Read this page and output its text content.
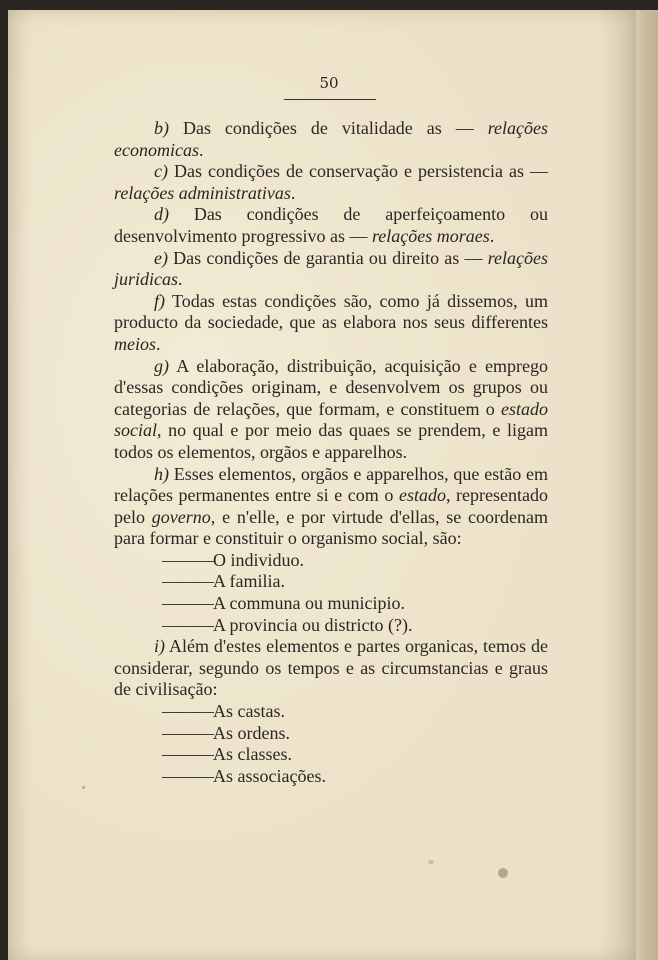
50

b) Das condições de vitalidade as — relações economicas.

c) Das condições de conservação e persistencia as — relações administrativas.

d) Das condições de aperfeiçoamento ou desenvolvimento progressivo as — relações moraes.

e) Das condições de garantia ou direito as — relações juridicas.

f) Todas estas condições são, como já dissemos, um producto da sociedade, que as elabora nos seus differentes meios.

g) A elaboração, distribuição, acquisição e emprego d'essas condições originam, e desenvolvem os grupos ou categorias de relações, que formam, e constituem o estado social, no qual e por meio das quaes se prendem, e ligam todos os elementos, orgãos e apparelhos.

h) Esses elementos, orgãos e apparelhos, que estão em relações permanentes entre si e com o estado, representado pelo governo, e n'elle, e por virtude d'ellas, se coordenam para formar e constituir o organismo social, são:

———O individuo.

———A familia.

———A communa ou municipio.

———A provincia ou districto (?).

i) Além d'estes elementos e partes organicas, temos de considerar, segundo os tempos e as circumstancias e graus de civilisação:

———As castas.

———As ordens.

———As classes.

———As associações.
